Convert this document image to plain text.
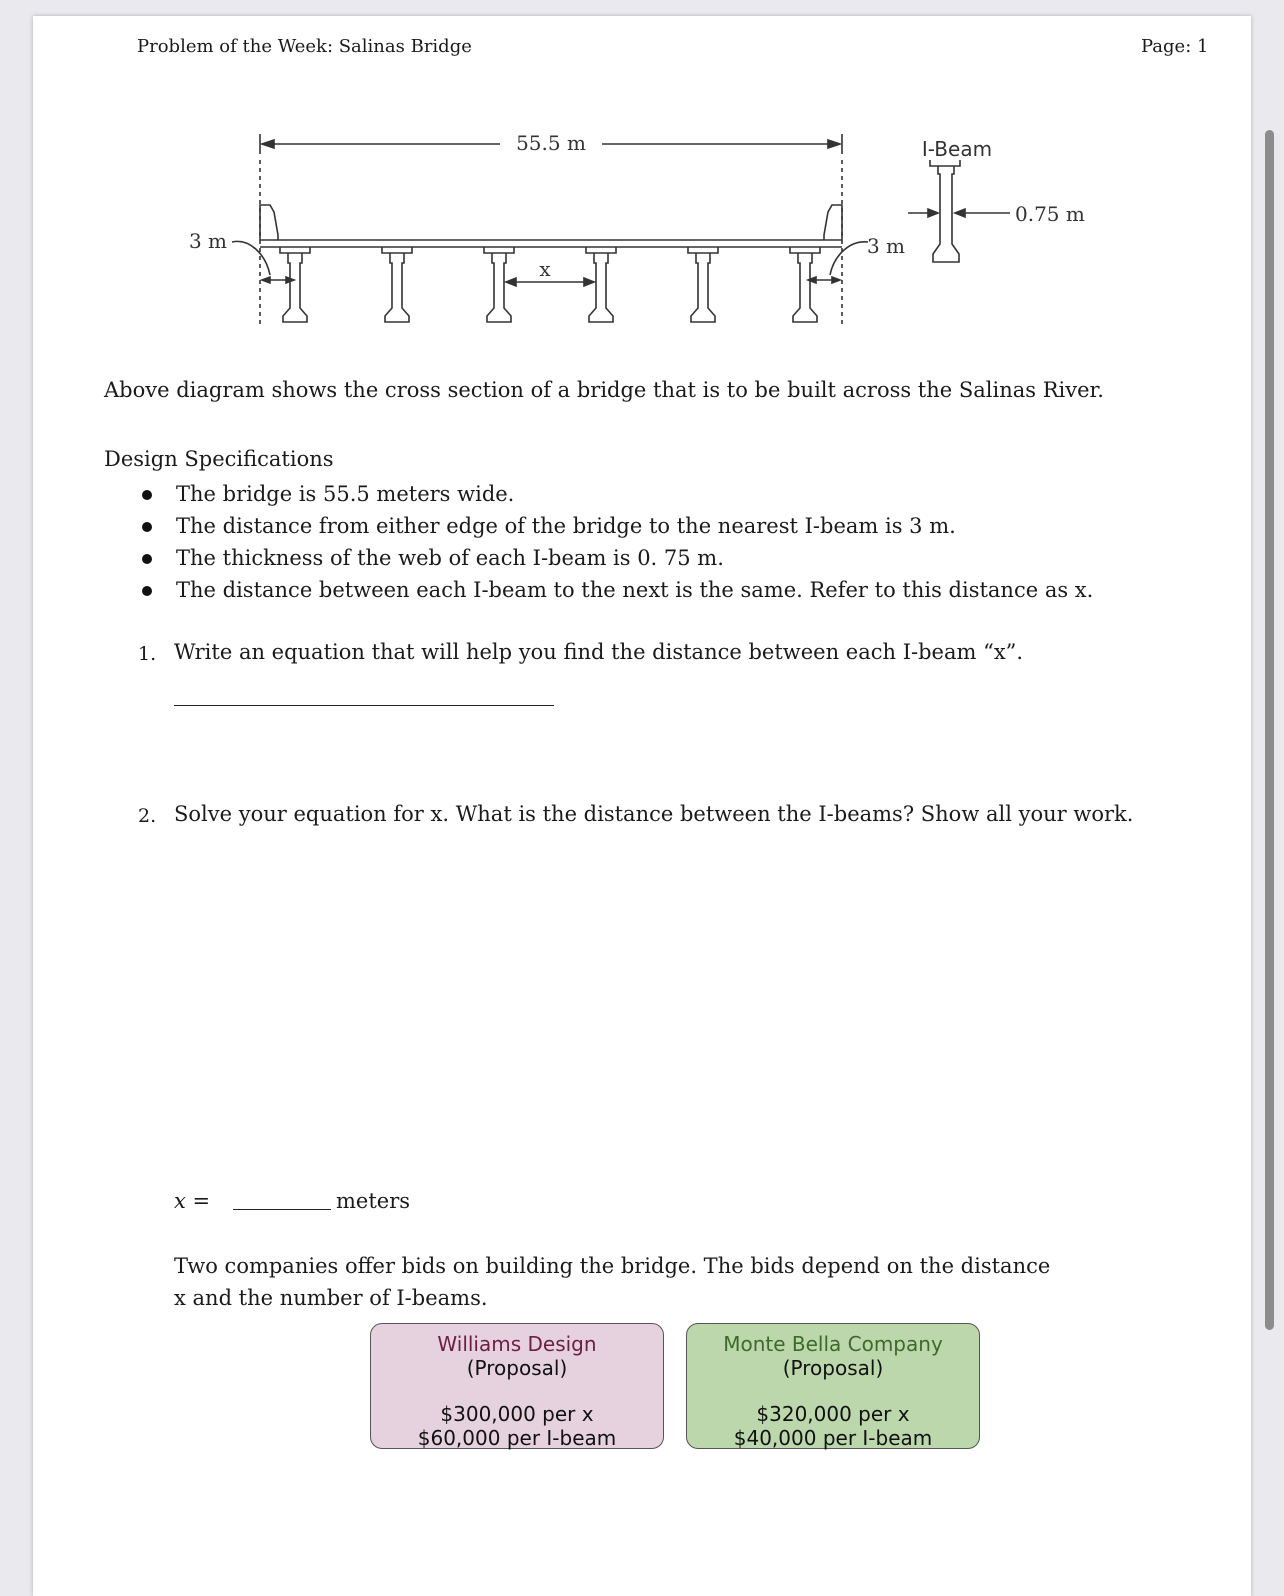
Problem of the Week: Salinas Bridge	Page: 1
55.5 m
3 m	3 m
x
I-Beam
0.75 m
Above diagram shows the cross section of a bridge that is to be built across the Salinas River.
Design Specifications
The bridge is 55.5 meters wide.
The distance from either edge of the bridge to the nearest I-beam is 3 m.
The thickness of the web of each I-beam is 0. 75 m.
The distance between each I-beam to the next is the same. Refer to this distance as x.
1. Write an equation that will help you find the distance between each I-beam “x”.
2. Solve your equation for x. What is the distance between the I-beams? Show all your work.
x =	meters
Two companies offer bids on building the bridge. The bids depend on the distance
x and the number of I-beams.
Williams Design
(Proposal)
$300,000 per x
$60,000 per I-beam
Monte Bella Company
(Proposal)
$320,000 per x
$40,000 per I-beam
